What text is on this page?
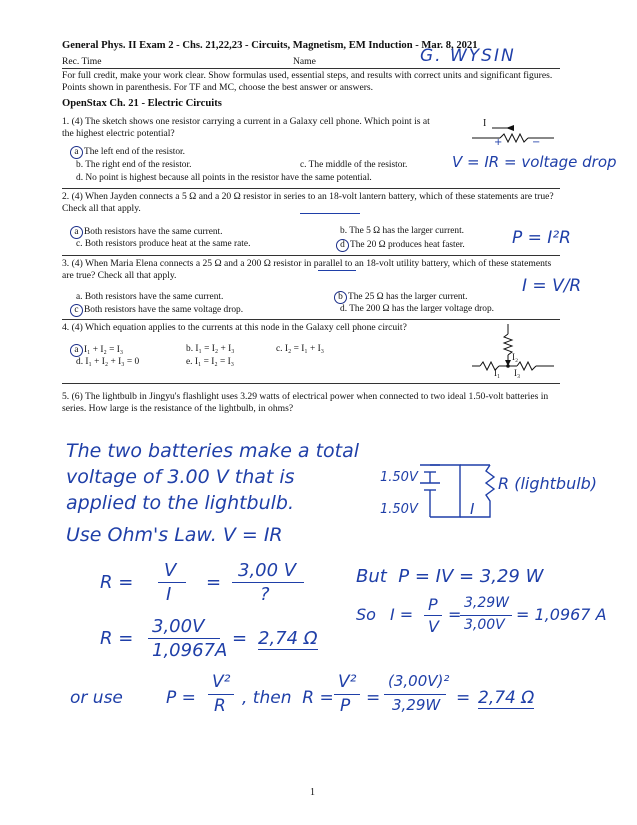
General Phys. II Exam 2 - Chs. 21,22,23 - Circuits, Magnetism, EM Induction - Mar. 8, 2021
Rec. Time	Name	G. WYSIN
For full credit, make your work clear. Show formulas used, essential steps, and results with correct units and significant figures. Points shown in parenthesis. For TF and MC, choose the best answer or answers.
OpenStax Ch. 21 - Electric Circuits
1. (4) The sketch shows one resistor carrying a current in a Galaxy cell phone. Which point is at the highest electric potential?
a The left end of the resistor.
b. The right end of the resistor.	c. The middle of the resistor.
d. No point is highest because all points in the resistor have the same potential.
+	−
I
V = IR = voltage drop
2. (4) When Jayden connects a 5 Ω and a 20 Ω resistor in series to an 18-volt lantern battery, which of these statements are true? Check all that apply.
a Both resistors have the same current.	b. The 5 Ω has the larger current.
c. Both resistors produce heat at the same rate.	d The 20 Ω produces heat faster.	P = I²R
3. (4) When Maria Elena connects a 25 Ω and a 200 Ω resistor in parallel to an 18-volt utility battery, which of these statements are true? Check all that apply.
a. Both resistors have the same current.	b The 25 Ω has the larger current.
c Both resistors have the same voltage drop.	d. The 200 Ω has the larger voltage drop.
I = V/R
4. (4) Which equation applies to the currents at this node in the Galaxy cell phone circuit?
a I₁ + I₂ = I₃	b. I₁ = I₂ + I₃	c. I₂ = I₁ + I₃
d. I₁ + I₂ + I₃ = 0	e. I₁ = I₂ = I₃	I₂
I₁ I₃
5. (6) The lightbulb in Jingyu's flashlight uses 3.29 watts of electrical power when connected to two ideal 1.50-volt batteries in series. How large is the resistance of the lightbulb, in ohms?
The two batteries make a total
voltage of 3.00 V that is
applied to the lightbulb.
Use Ohm's Law. V = IR
1.50V
1.50V
R (lightbulb)
I
R =
V
I
=
3,00 V
?
But  P = IV = 3,29 W
So I =
P
V
=
3,29W
3,00V
= 1,0967 A
R =
3,00V
1,0967A
= 2,74 Ω
or use	P =
V²
R , then  R =
V²
P =
(3,00V)²
3,29W = 2,74 Ω
1
